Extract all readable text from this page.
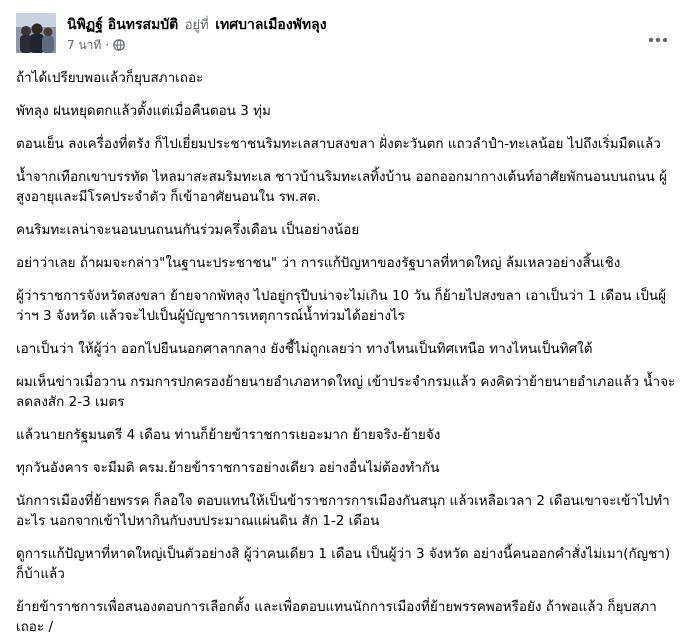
นิพิฏฐ์ อินทรสมบัติ อยู่ที่ เทศบาลเมืองพัทลุง
7 นาที ·

ถ้าได้เปรียบพอแล้วก็ยุบสภาเถอะ

พัทลุง ฝนหยุดตกแล้วตั้งแต่เมื่อคืนตอน 3 ทุ่ม

ตอนเย็น ลงเครื่องที่ตรัง ก็ไปเยี่ยมประชาชนริมทะเลสาบสงขลา ฝั่งตะวันตก แถวลำปำ-ทะเลน้อย ไปถึงเริ่มมืดแล้ว

น้ำจากเทือกเขาบรรทัด ไหลมาสะสมริมทะเล ชาวบ้านริมทะเลทิ้งบ้าน ออกออกมากางเต้นท์อาศัยพักนอนบนถนน ผู้สูงอายุและมีโรคประจำตัว ก็เข้าอาศัยนอนใน รพ.สต.

คนริมทะเลน่าจะนอนบนถนนกันร่วมครึ่งเดือน เป็นอย่างน้อย

อย่าว่าเลย ถ้าผมจะกล่าว"ในฐานะประชาชน" ว่า การแก้ปัญหาของรัฐบาลที่หาดใหญ่ ล้มเหลวอย่างสิ้นเชิง

ผู้ว่าราชการจังหวัดสงขลา ย้ายจากพัทลุง ไปอยู่กรุปีบน่าจะไม่เกิน 10 วัน ก็ย้ายไปสงขลา เอาเป็นว่า 1 เดือน เป็นผู้ว่าฯ 3 จังหวัด แล้วจะไปเป็นผู้บัญชาการเหตุการณ์น้ำท่วมได้อย่างไร

เอาเป็นว่า ให้ผู้ว่า ออกไปยืนนอกศาลากลาง ยังชี้ไม่ถูกเลยว่า ทางไหนเป็นทิศเหนือ ทางไหนเป็นทิศใต้

ผมเห็นข่าวเมื่อวาน กรมการปกครองย้ายนายอำเภอหาดใหญ่ เข้าประจำกรมแล้ว คงคิดว่าย้ายนายอำเภอแล้ว น้ำจะลดลงสัก 2-3 เมตร

แล้วนายกรัฐมนตรี 4 เดือน ท่านก็ย้ายข้าราชการเยอะมาก ย้ายจริง-ย้ายจัง

ทุกวันอังคาร จะมีมติ ครม.ย้ายข้าราชการอย่างเดียว อย่างอื่นไม่ต้องทำกัน

นักการเมืองที่ย้ายพรรค ก็ลอใจ ตอบแทนให้เป็นข้าราชการการเมืองกันสนุก แล้วเหลือเวลา 2 เดือนเขาจะเข้าไปทำอะไร นอกจากเข้าไปหากินกับงบประมาณแผ่นดิน สัก 1-2 เดือน

ดูการแก้ปัญหาที่หาดใหญ่เป็นตัวอย่างสิ ผู้ว่าคนเดียว 1 เดือน เป็นผู้ว่า 3 จังหวัด อย่างนี้คนออกคำสั่งไม่เมา(กัญชา) ก็บ้าแล้ว

ย้ายข้าราชการเพื่อสนองตอบการเลือกตั้ง และเพื่อตอบแทนนักการเมืองที่ย้ายพรรคพอหรือยัง ถ้าพอแล้ว ก็ยุบสภาเถอะ /
